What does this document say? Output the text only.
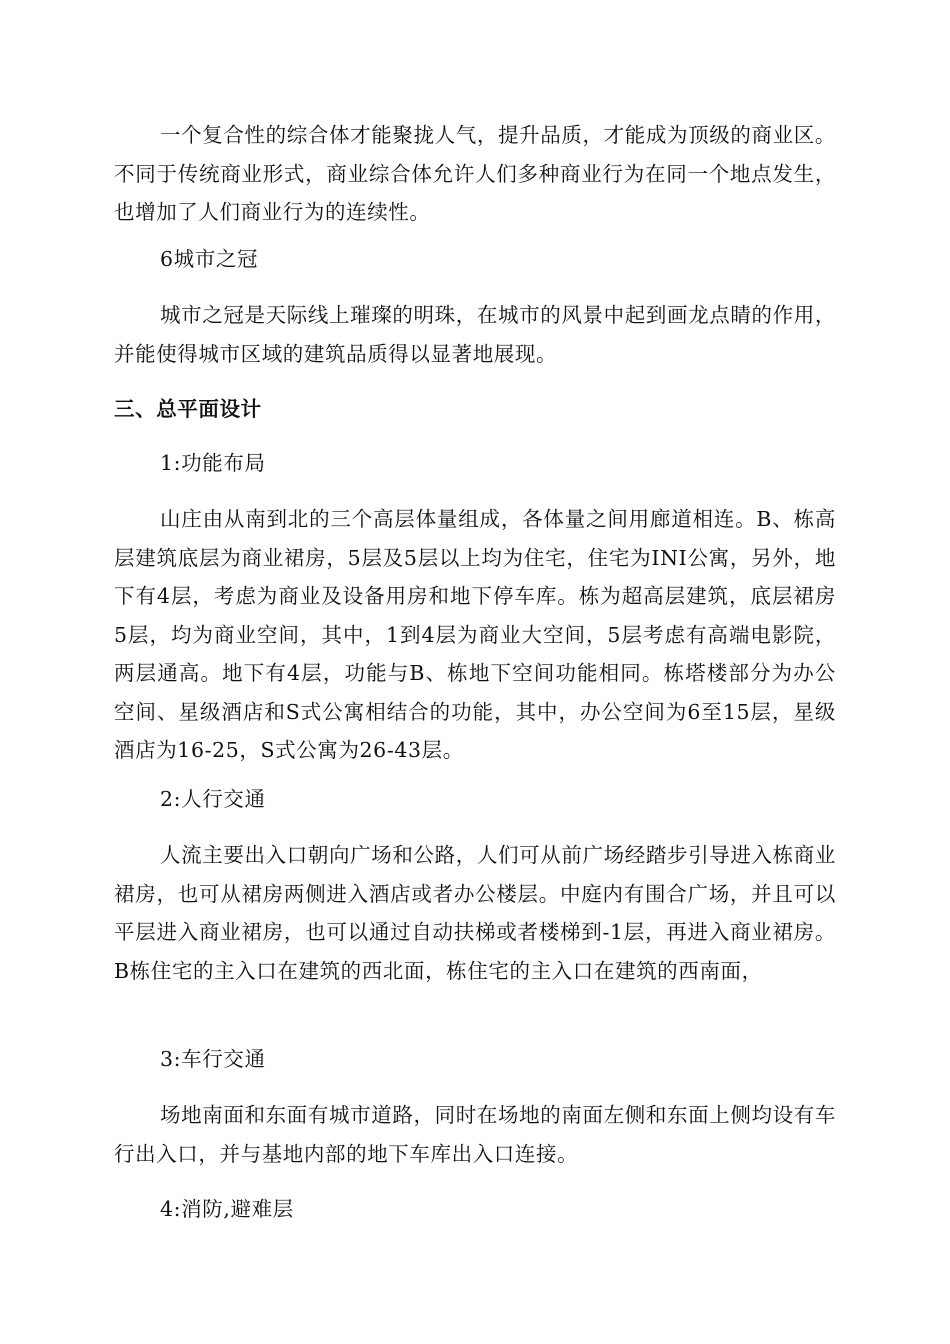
一个复合性的综合体才能聚拢人气，提升品质，才能成为顶级的商业区。不同于传统商业形式，商业综合体允许人们多种商业行为在同一个地点发生，也增加了人们商业行为的连续性。

6城市之冠

城市之冠是天际线上璀璨的明珠，在城市的风景中起到画龙点睛的作用，并能使得城市区域的建筑品质得以显著地展现。

三、总平面设计

1:功能布局

山庄由从南到北的三个高层体量组成，各体量之间用廊道相连。B、栋高层建筑底层为商业裙房，5层及5层以上均为住宅，住宅为INI公寓，另外，地下有4层，考虑为商业及设备用房和地下停车库。栋为超高层建筑，底层裙房5层，均为商业空间，其中，1到4层为商业大空间，5层考虑有高端电影院，两层通高。地下有4层，功能与B、栋地下空间功能相同。栋塔楼部分为办公空间、星级酒店和S式公寓相结合的功能，其中，办公空间为6至15层，星级酒店为16-25，S式公寓为26-43层。

2:人行交通

人流主要出入口朝向广场和公路，人们可从前广场经踏步引导进入栋商业裙房，也可从裙房两侧进入酒店或者办公楼层。中庭内有围合广场，并且可以平层进入商业裙房，也可以通过自动扶梯或者楼梯到-1层，再进入商业裙房。B栋住宅的主入口在建筑的西北面，栋住宅的主入口在建筑的西南面，

3:车行交通

场地南面和东面有城市道路，同时在场地的南面左侧和东面上侧均设有车行出入口，并与基地内部的地下车库出入口连接。

4:消防,避难层
